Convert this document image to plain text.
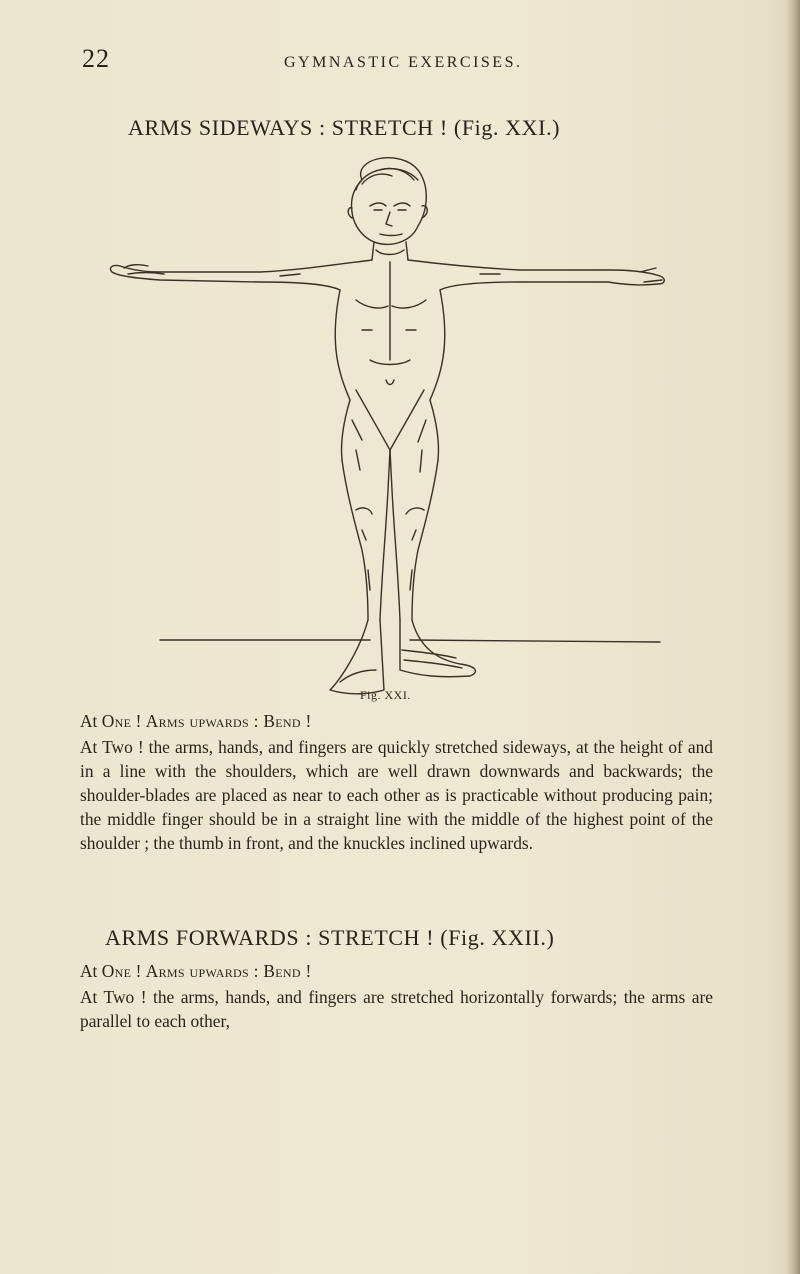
22	GYMNASTIC EXERCISES.
ARMS SIDEWAYS : STRETCH ! (Fig. XXI.)
Fig. XXI.
At One ! Arms upwards : Bend !
At Two ! the arms, hands, and fingers are quickly stretched sideways, at the height of and in a line with the shoulders, which are well drawn downwards and backwards; the shoulder-blades are placed as near to each other as is practicable without producing pain; the middle finger should be in a straight line with the middle of the highest point of the shoulder ; the thumb in front, and the knuckles inclined upwards.
ARMS FORWARDS : STRETCH ! (Fig. XXII.)
At One ! Arms upwards : Bend !
At Two ! the arms, hands, and fingers are stretched horizontally forwards; the arms are parallel to each other,
